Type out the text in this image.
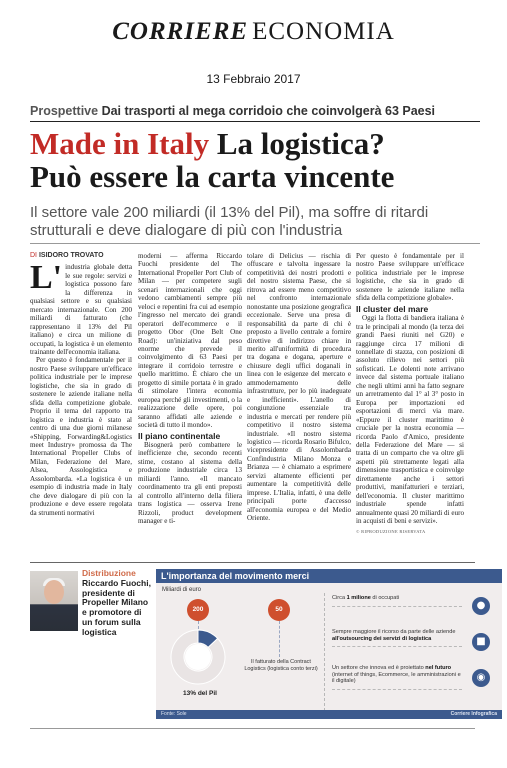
CORRIERE ECONOMIA
13 Febbraio 2017
Prospettive Dai trasporti al mega corridoio che coinvolgerà 63 Paesi
Made in Italy La logistica?
Può essere la carta vincente
Il settore vale 200 miliardi (il 13% del Pil), ma soffre di ritardi strutturali e deve dialogare di più con l'industria
DI ISIDORO TROVATO

L' industria globale detta le sue regole: servizi e logistica possono fare la differenza in qualsiasi settore e su qualsiasi mercato internazionale. Con 200 miliardi di fatturato (che rappresentano il 13% del Pil italiano) e circa un milione di occupati, la logistica è un elemento trainante dell'economia italiana.

Per questo è fondamentale per il nostro Paese sviluppare un'efficace politica industriale per le imprese logistiche, che sia in grado di sostenere le aziende italiane nella sfida della competizione globale. Proprio il tema del rapporto tra logistica e industria è stato al centro di una due giorni milanese «Shipping, Forwarding&Logistics meet Industry» promossa da The International Propeller Clubs of Milan, Federazione del Mare, Alsea, Assologistica e Assolombarda. «La logistica è un esempio di industria made in Italy che deve dialogare di più con la produzione e deve essere regolata da strumenti normativi

moderni — afferma Riccardo Fuochi presidente del The International Propeller Port Club of Milan — per competere sugli scenari internazionali che oggi vedono cambiamenti sempre più veloci e repentini fra cui ad esempio l'ingresso nel mercato dei grandi operatori dell'ecommerce e il progetto Obor (One Belt One Road): un'iniziativa dal peso enorme che prevede il coinvolgimento di 63 Paesi per integrare il corridoio terrestre e quello marittimo. È chiaro che un progetto di simile portata è in grado di stimolare l'intera economia europea perché gli investimenti, o la realizzazione delle opere, poi saranno affidati alle aziende e società di tutto il mondo».

Il piano continentale

Bisognerà però combattere le inefficienze che, secondo recenti stime, costano al sistema della produzione industriale circa 13 miliardi l'anno. «Il mancato coordinamento tra gli enti preposti al controllo all'interno della filiera trans logistica — osserva Irene Rizzoli, product development manager e ti-

tolare di Delicius — rischia di offuscare e talvolta ingessare la competitività dei nostri prodotti e del nostro sistema Paese, che si ritrova ad essere meno competitivo nel confronto internazionale nonostante una posizione geografica eccezionale. Serve una presa di responsabilità da parte di chi è preposto a livello centrale a fornire direttive di indirizzo chiare in merito all'uniformità di procedura tra dogana e dogana, aperture e chiusure degli uffici doganali in linea con le esigenze del mercato e ammodernamento delle infrastrutture, per lo più inadeguate e inefficienti». L'anello di congiunzione essenziale tra industria e mercati per rendere più competitivo il nostro sistema industriale. «Il nostro sistema logistico — ricorda Rosario Bifulco, vicepresidente di Assolombarda Confindustria Milano Monza e Brianza — è chiamato a esprimere servizi altamente efficienti per aumentare la competitività delle imprese. L'Italia, infatti, è una delle principali porte d'accesso all'economia europea e del Medio Oriente.

Per questo è fondamentale per il nostro Paese sviluppare un'efficace politica industriale per le imprese logistiche, che sia in grado di sostenere le aziende italiane nella sfida della competizione globale».

Il cluster del mare

Oggi la flotta di bandiera italiana è tra le principali al mondo (la terza dei grandi Paesi riuniti nel G20) e raggiunge circa 17 milioni di tonnellate di stazza, con posizioni di assoluto rilievo nei settori più sofisticati. Le dolenti note arrivano invece dal sistema portuale italiano che negli ultimi anni ha fatto segnare un arretramento dal 1° al 3° posto in Europa per importazioni ed esportazioni di merci via mare. «Eppure il cluster marittimo è cruciale per la nostra economia — ricorda Paolo d'Amico, presidente della Federazione del Mare — si tratta di un comparto che va oltre gli aspetti più strettamente legati alla dimensione trasportistica e coinvolge direttamente anche i settori produttivi, manifatturieri e terziari, dell'economia. Il cluster marittimo industriale spende infatti annualmente quasi 20 miliardi di euro in acquisti di beni e servizi».

© RIPRODUZIONE RISERVATA
Distribuzione
Riccardo Fuochi, presidente di Propeller Milano e promotore di un forum sulla logistica
L'importanza del movimento merci
Miliardi di euro
200	50
13% del Pil
Il fatturato della Contract Logistics (logistica conto terzi)
Circa 1 milione di occupati
Sempre maggiore il ricorso da parte delle aziende all'outsourcing dei servizi di logistica
Un settore che innova ed è proiettato nel futuro (internet of things, Ecommerce, le amministrazioni e il digitale)
●
■
◉
Fonte: Sole	Corriere Infografica
